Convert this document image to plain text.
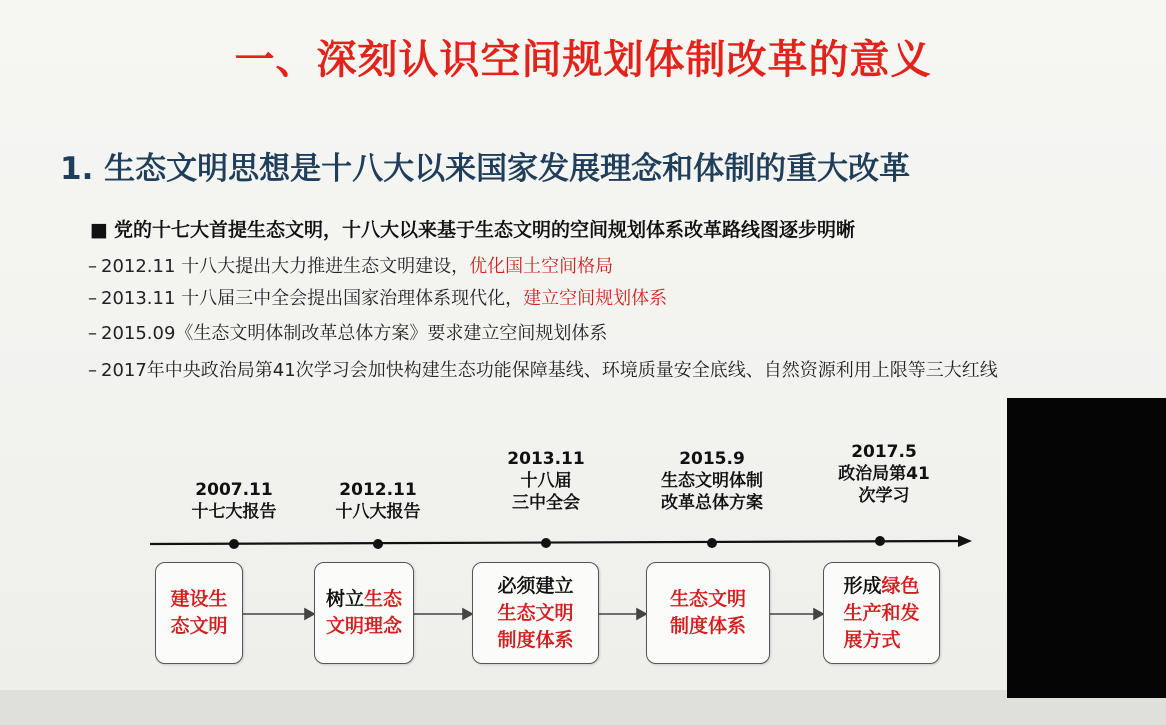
一、深刻认识空间规划体制改革的意义
1. 生态文明思想是十八大以来国家发展理念和体制的重大改革

■ 党的十七大首提生态文明，十八大以来基于生态文明的空间规划体系改革路线图逐步明晰

– 2012.11 十八大提出大力推进生态文明建设，优化国土空间格局
– 2013.11 十八届三中全会提出国家治理体系现代化，建立空间规划体系
– 2015.09《生态文明体制改革总体方案》要求建立空间规划体系
– 2017年中央政治局第41次学习会加快构建生态功能保障基线、环境质量安全底线、自然资源利用上限等三大红线
2007.11
十七大报告
2012.11
十八大报告
2013.11
十八届
三中全会
2015.9
生态文明体制
改革总体方案
2017.5
政治局第41
次学习
建设生
态文明
树立生态
文明理念
必须建立
生态文明
制度体系
生态文明
制度体系
形成绿色
生产和发
展方式
